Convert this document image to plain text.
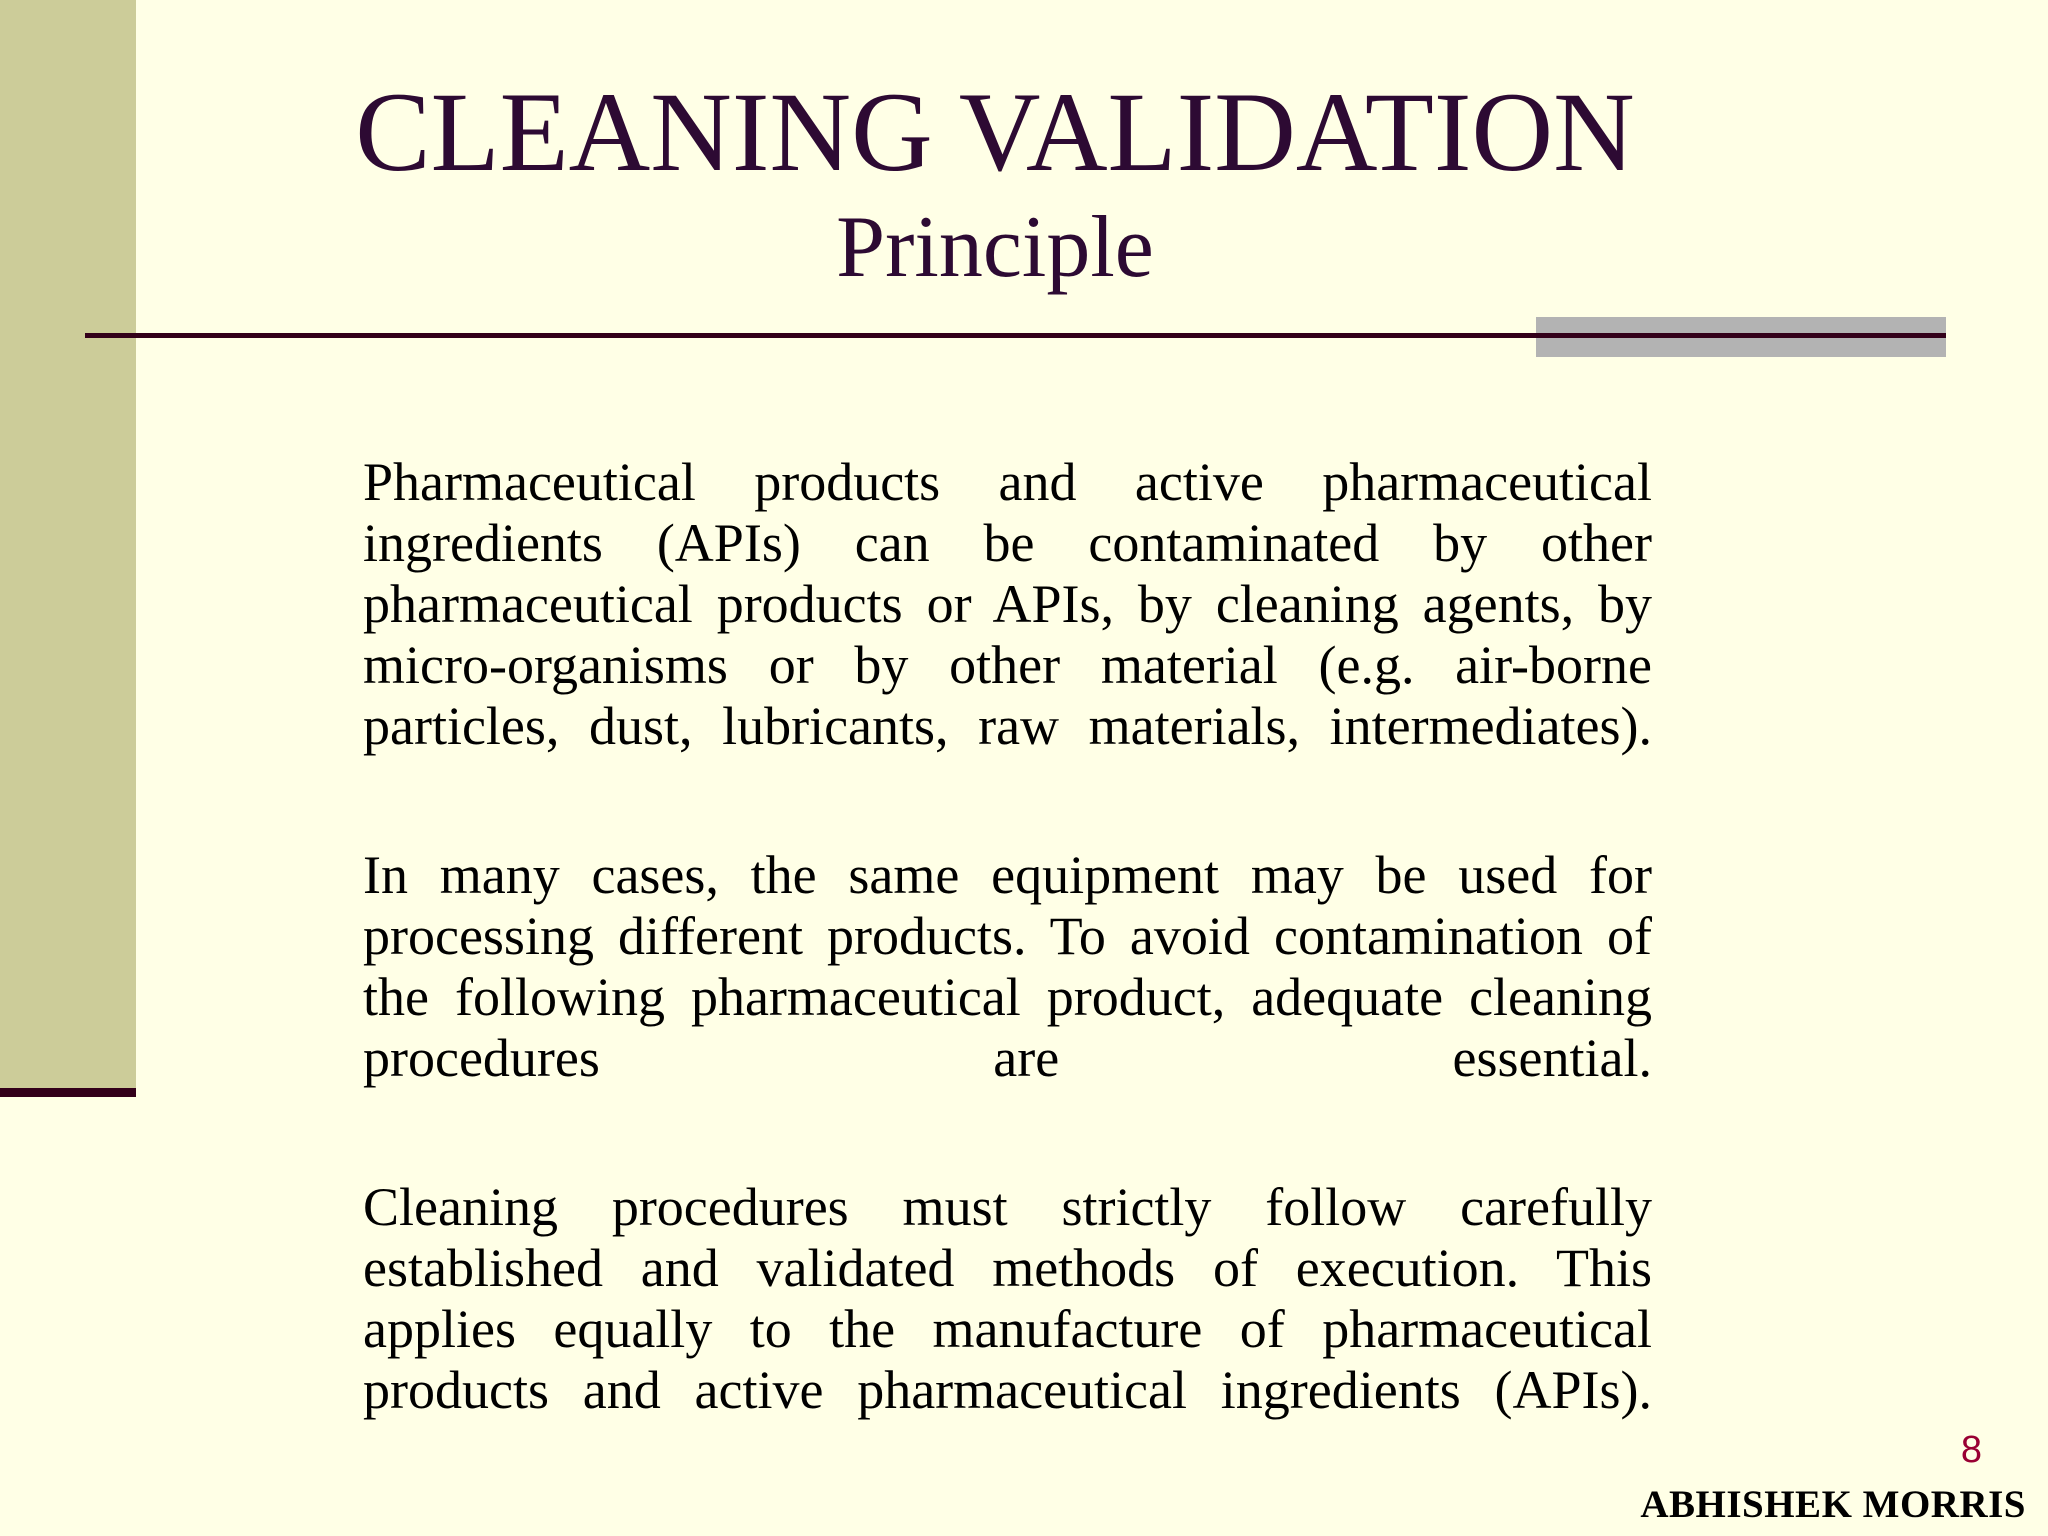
CLEANING VALIDATION
Principle

Pharmaceutical products and active pharmaceutical ingredients (APIs) can be contaminated by other pharmaceutical products or APIs, by cleaning agents, by micro-organisms or by other material (e.g. air-borne particles, dust, lubricants, raw materials, intermediates).

In many cases, the same equipment may be used for processing different products. To avoid contamination of the following pharmaceutical product, adequate cleaning procedures are essential.

Cleaning procedures must strictly follow carefully established and validated methods of execution. This applies equally to the manufacture of pharmaceutical products and active pharmaceutical ingredients (APIs).

8
ABHISHEK MORRIS
